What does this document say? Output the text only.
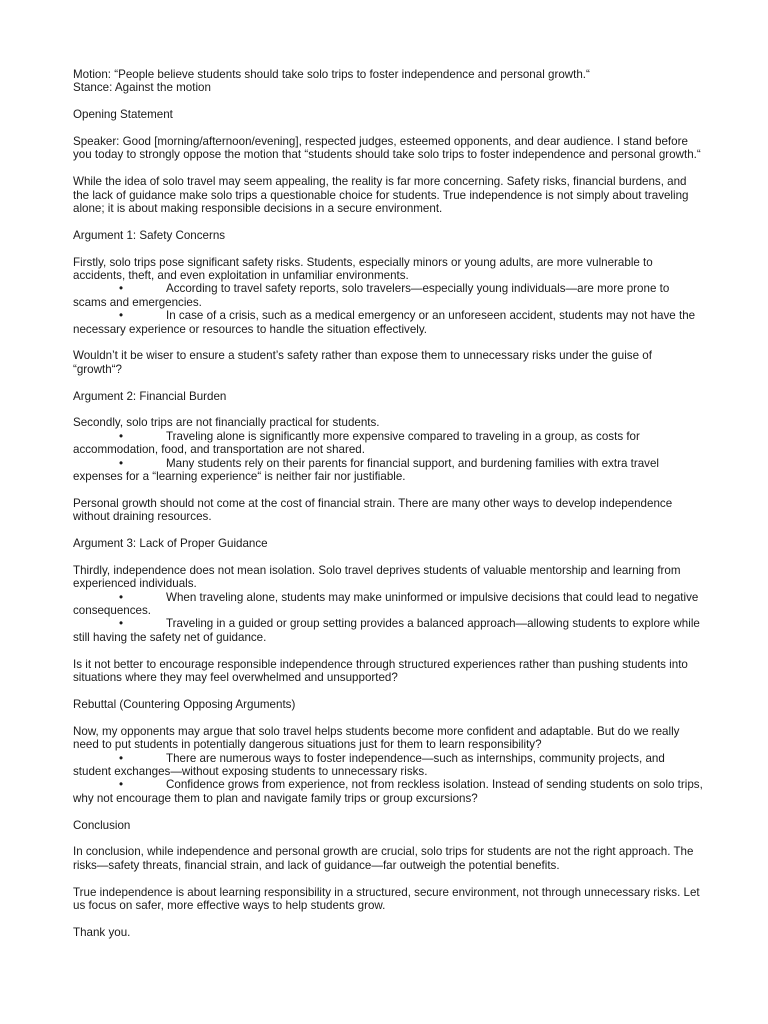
Motion: “People believe students should take solo trips to foster independence and personal growth.“

Stance: Against the motion

Opening Statement

Speaker: Good [morning/afternoon/evening], respected judges, esteemed opponents, and dear audience. I stand before you today to strongly oppose the motion that “students should take solo trips to foster independence and personal growth.“

While the idea of solo travel may seem appealing, the reality is far more concerning. Safety risks, financial burdens, and the lack of guidance make solo trips a questionable choice for students. True independence is not simply about traveling alone; it is about making responsible decisions in a secure environment.

Argument 1: Safety Concerns

Firstly, solo trips pose significant safety risks. Students, especially minors or young adults, are more vulnerable to accidents, theft, and even exploitation in unfamiliar environments.

•	According to travel safety reports, solo travelers—especially young individuals—are more prone to scams and emergencies.

•	In case of a crisis, such as a medical emergency or an unforeseen accident, students may not have the necessary experience or resources to handle the situation effectively.

Wouldn’t it be wiser to ensure a student’s safety rather than expose them to unnecessary risks under the guise of “growth“?

Argument 2: Financial Burden

Secondly, solo trips are not financially practical for students.

•	Traveling alone is significantly more expensive compared to traveling in a group, as costs for accommodation, food, and transportation are not shared.

•	Many students rely on their parents for financial support, and burdening families with extra travel expenses for a “learning experience“ is neither fair nor justifiable.

Personal growth should not come at the cost of financial strain. There are many other ways to develop independence without draining resources.

Argument 3: Lack of Proper Guidance

Thirdly, independence does not mean isolation. Solo travel deprives students of valuable mentorship and learning from experienced individuals.

•	When traveling alone, students may make uninformed or impulsive decisions that could lead to negative consequences.

•	Traveling in a guided or group setting provides a balanced approach—allowing students to explore while still having the safety net of guidance.

Is it not better to encourage responsible independence through structured experiences rather than pushing students into situations where they may feel overwhelmed and unsupported?

Rebuttal (Countering Opposing Arguments)

Now, my opponents may argue that solo travel helps students become more confident and adaptable. But do we really need to put students in potentially dangerous situations just for them to learn responsibility?

•	There are numerous ways to foster independence—such as internships, community projects, and student exchanges—without exposing students to unnecessary risks.

•	Confidence grows from experience, not from reckless isolation. Instead of sending students on solo trips, why not encourage them to plan and navigate family trips or group excursions?

Conclusion

In conclusion, while independence and personal growth are crucial, solo trips for students are not the right approach. The risks—safety threats, financial strain, and lack of guidance—far outweigh the potential benefits.

True independence is about learning responsibility in a structured, secure environment, not through unnecessary risks. Let us focus on safer, more effective ways to help students grow.

Thank you.
